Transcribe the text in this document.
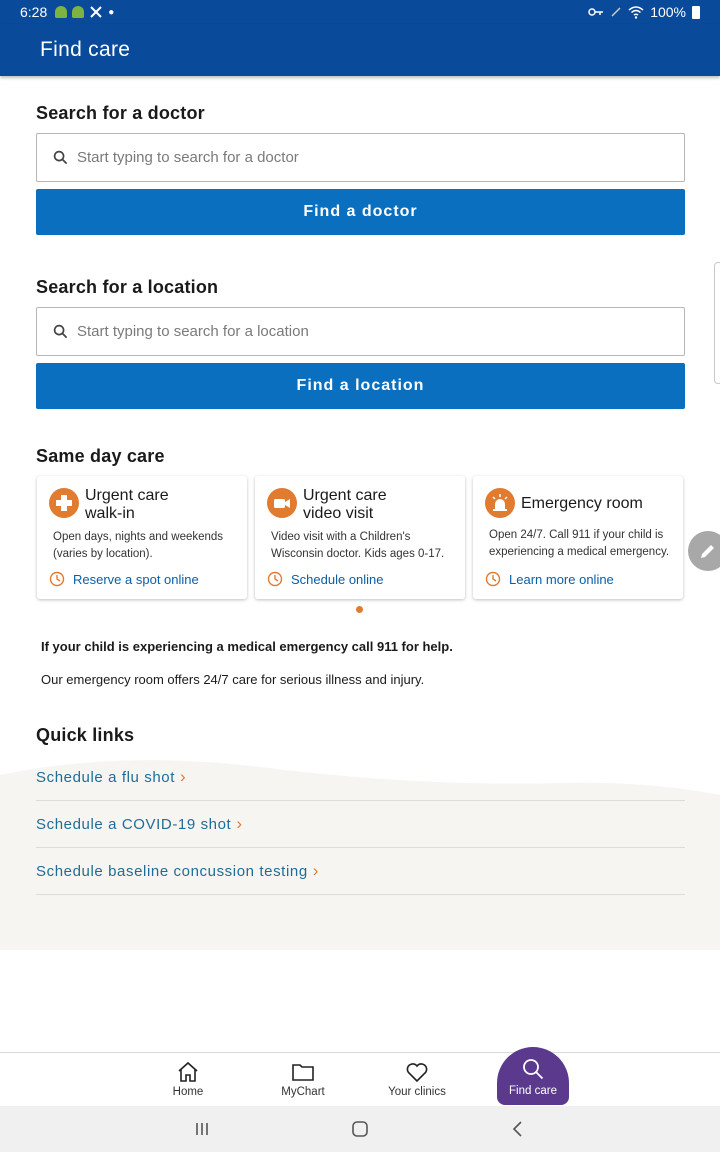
6:28	●	100%
Find care
Search for a doctor
Start typing to search for a doctor
Find a doctor
Search for a location
Start typing to search for a location
Find a location
Same day care
Urgent care
walk-in
Open days, nights and weekends
(varies by location).
Reserve a spot online
Urgent care
video visit
Video visit with a Children's
Wisconsin doctor. Kids ages 0-17.
Schedule online
Emergency room
Open 24/7. Call 911 if your child is
experiencing a medical emergency.
Learn more online
If your child is experiencing a medical emergency call 911 for help.
Our emergency room offers 24/7 care for serious illness and injury.
Quick links
Schedule a flu shot ›
Schedule a COVID-19 shot ›
Schedule baseline concussion testing ›
Home	MyChart	Your clinics	Find care
